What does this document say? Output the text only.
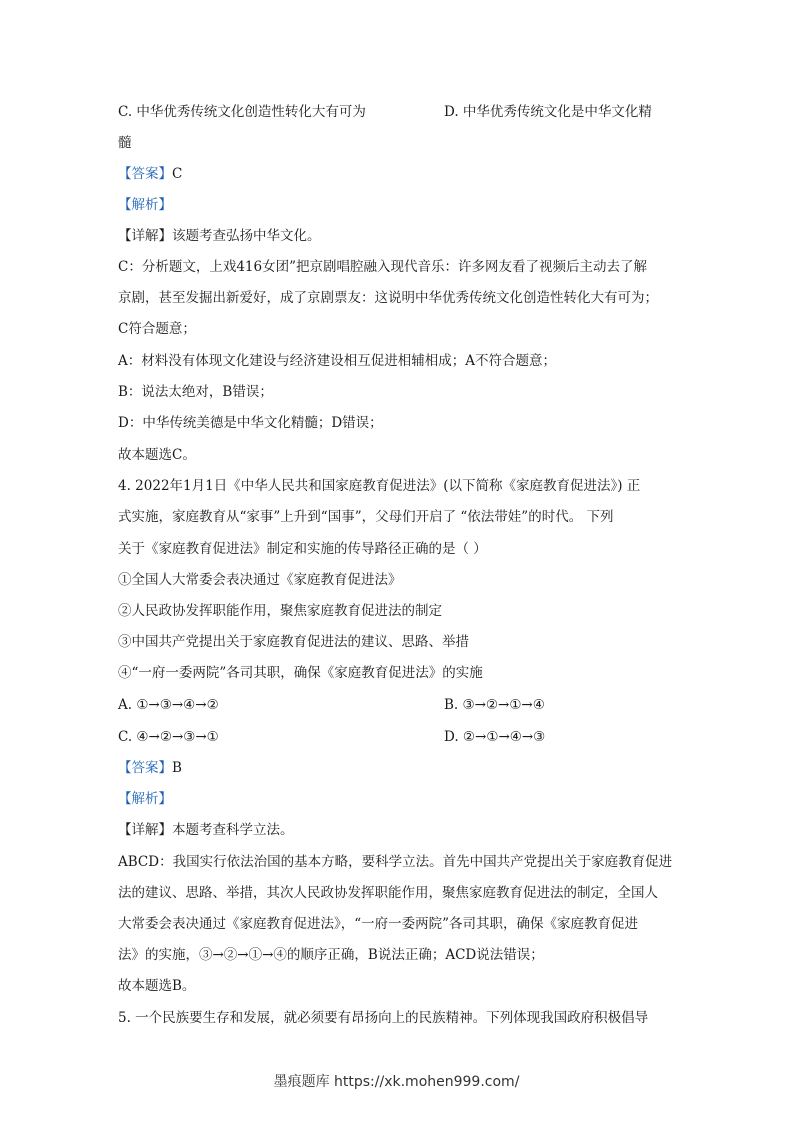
C. 中华优秀传统文化创造性转化大有可为	D. 中华优秀传统文化是中华文化精
髓
【答案】C
【解析】
【详解】该题考查弘扬中华文化。
C：分析题文，上戏416女团”把京剧唱腔融入现代音乐：许多网友看了视频后主动去了解
京剧，甚至发掘出新爱好，成了京剧票友：这说明中华优秀传统文化创造性转化大有可为；
C符合题意；
A：材料没有体现文化建设与经济建设相互促进相辅相成；A不符合题意；
B：说法太绝对，B错误；
D：中华传统美德是中华文化精髓；D错误；
故本题选C。
4. 2022年1月1日《中华人民共和国家庭教育促进法》(以下简称《家庭教育促进法》) 正
式实施，家庭教育从“家事”上升到“国事”，父母们开启了 “依法带娃”的时代。 下列
关于《家庭教育促进法》制定和实施的传导路径正确的是（ ）
①全国人大常委会表决通过《家庭教育促进法》
②人民政协发挥职能作用，聚焦家庭教育促进法的制定
③中国共产党提出关于家庭教育促进法的建议、思路、举措
④“一府一委两院”各司其职，确保《家庭教育促进法》的实施
A. ①→③→④→②	B. ③→②→①→④
C. ④→②→③→①	D. ②→①→④→③
【答案】B
【解析】
【详解】本题考查科学立法。
ABCD：我国实行依法治国的基本方略，要科学立法。首先中国共产党提出关于家庭教育促进
法的建议、思路、举措，其次人民政协发挥职能作用，聚焦家庭教育促进法的制定，全国人
大常委会表决通过《家庭教育促进法》，“一府一委两院”各司其职，确保《家庭教育促进
法》的实施，③→②→①→④的顺序正确，B说法正确；ACD说法错误；
故本题选B。
5. 一个民族要生存和发展，就必须要有昂扬向上的民族精神。下列体现我国政府积极倡导
墨痕题库 https://xk.mohen999.com/
